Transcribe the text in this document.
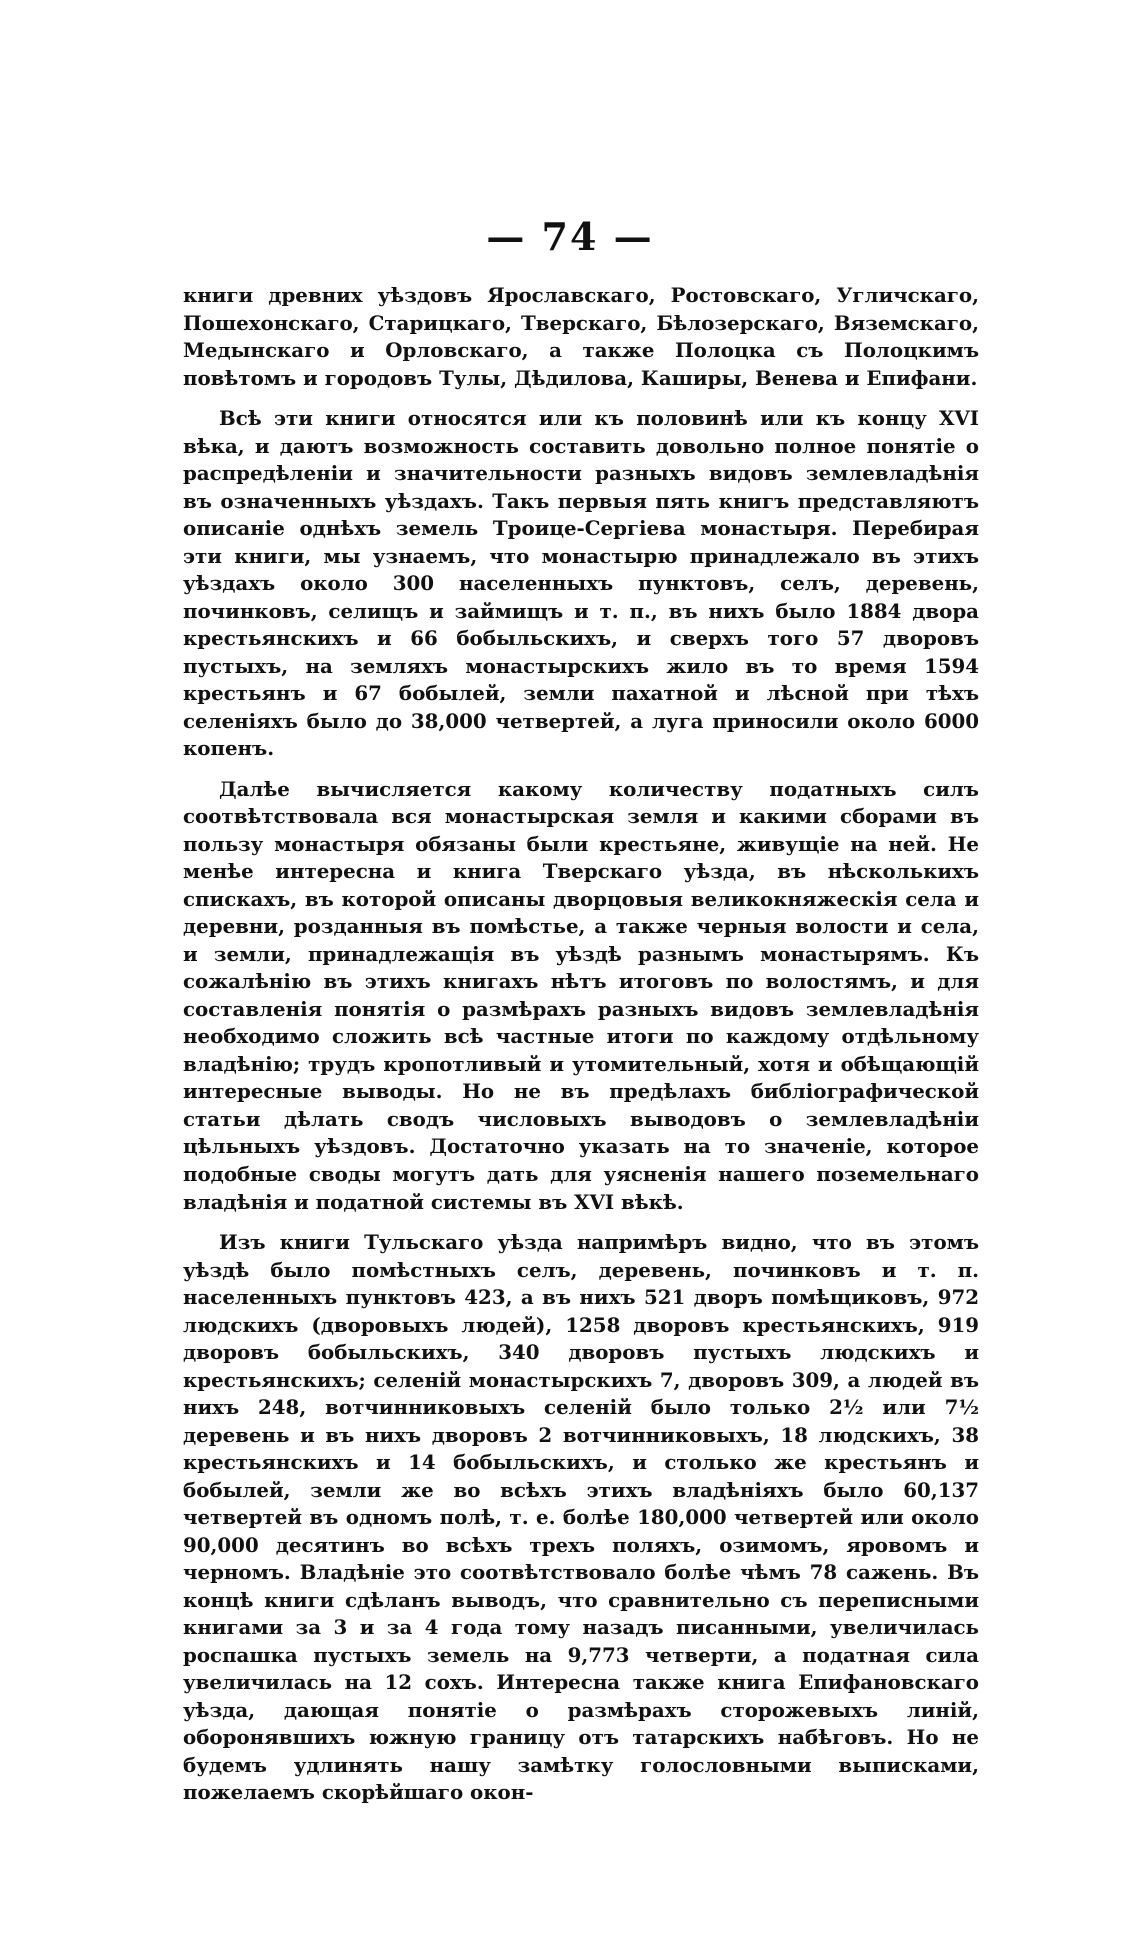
— 74 —

книги древних уѣздовъ Ярославскаго, Ростовскаго, Угличскаго, Пошехонскаго, Старицкаго, Тверскаго, Бѣлозерскаго, Вяземскаго, Медынскаго и Орловскаго, а также Полоцка съ Полоцкимъ повѣтомъ и городовъ Тулы, Дѣдилова, Каширы, Венева и Епифани.

Всѣ эти книги относятся или къ половинѣ или къ концу XVI вѣка, и даютъ возможность составить довольно полное понятіе о распредѣленіи и значительности разныхъ видовъ землевладѣнія въ означенныхъ уѣздахъ. Такъ первыя пять книгъ представляютъ описаніе однѣхъ земель Троице-Сергіева монастыря. Перебирая эти книги, мы узнаемъ, что монастырю принадлежало въ этихъ уѣздахъ около 300 населенныхъ пунктовъ, селъ, деревень, починковъ, селищъ и займищъ и т. п., въ нихъ было 1884 двора крестьянскихъ и 66 бобыльскихъ, и сверхъ того 57 дворовъ пустыхъ, на земляхъ монастырскихъ жило въ то время 1594 крестьянъ и 67 бобылей, земли пахатной и лѣсной при тѣхъ селеніяхъ было до 38,000 четвертей, а луга приносили около 6000 копенъ.

Далѣе вычисляется какому количеству податныхъ силъ соотвѣтствовала вся монастырская земля и какими сборами въ пользу монастыря обязаны были крестьяне, живущіе на ней. Не менѣе интересна и книга Тверскаго уѣзда, въ нѣсколькихъ спискахъ, въ которой описаны дворцовыя великокняжескія села и деревни, розданныя въ помѣстье, а также черныя волости и села, и земли, принадлежащія въ уѣздѣ разнымъ монастырямъ. Къ сожалѣнію въ этихъ книгахъ нѣтъ итоговъ по волостямъ, и для составленія понятія о размѣрахъ разныхъ видовъ землевладѣнія необходимо сложить всѣ частные итоги по каждому отдѣльному владѣнію; трудъ кропотливый и утомительный, хотя и обѣщающій интересные выводы. Но не въ предѣлахъ библіографической статьи дѣлать сводъ числовыхъ выводовъ о землевладѣніи цѣльныхъ уѣздовъ. Достаточно указать на то значеніе, которое подобные своды могутъ дать для уясненія нашего поземельнаго владѣнія и податной системы въ XVI вѣкѣ.

Изъ книги Тульскаго уѣзда напримѣръ видно, что въ этомъ уѣздѣ было помѣстныхъ селъ, деревень, починковъ и т. п. населенныхъ пунктовъ 423, а въ нихъ 521 дворъ помѣщиковъ, 972 людскихъ (дворовыхъ людей), 1258 дворовъ крестьянскихъ, 919 дворовъ бобыльскихъ, 340 дворовъ пустыхъ людскихъ и крестьянскихъ; селеній монастырскихъ 7, дворовъ 309, а людей въ нихъ 248, вотчинниковыхъ селеній было только 2½ или 7½ деревень и въ нихъ дворовъ 2 вотчинниковыхъ, 18 людскихъ, 38 крестьянскихъ и 14 бобыльскихъ, и столько же крестьянъ и бобылей, земли же во всѣхъ этихъ владѣніяхъ было 60,137 четвертей въ одномъ полѣ, т. е. болѣе 180,000 четвертей или около 90,000 десятинъ во всѣхъ трехъ поляхъ, озимомъ, яровомъ и черномъ. Владѣніе это соотвѣтствовало болѣе чѣмъ 78 сажень. Въ концѣ книги сдѣланъ выводъ, что сравнительно съ переписными книгами за 3 и за 4 года тому назадъ писанными, увеличилась роспашка пустыхъ земель на 9,773 четверти, а податная сила увеличилась на 12 сохъ. Интересна также книга Епифановскаго уѣзда, дающая понятіе о размѣрахъ сторожевыхъ линій, оборонявшихъ южную границу отъ татарскихъ набѣговъ. Но не будемъ удлинять нашу замѣтку голословными выписками, пожелаемъ скорѣйшаго окон-
